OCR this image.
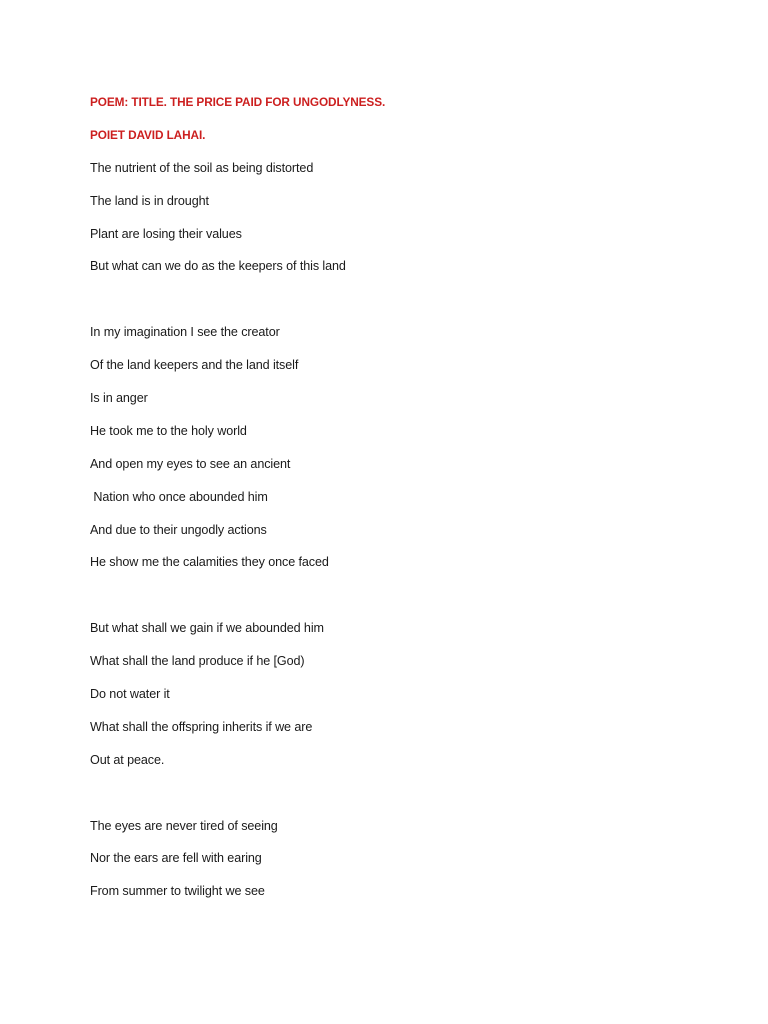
POEM: TITLE. THE PRICE PAID FOR UNGODLYNESS.
POIET DAVID LAHAI.
The nutrient of the soil as being distorted
The land is in drought
Plant are losing their values
But what can we do as the keepers of this land
In my imagination I see the creator
Of the land keepers and the land itself
Is in anger
He took me to the holy world
And open my eyes to see an ancient
Nation who once abounded him
And due to their ungodly actions
He show me the calamities they once faced
But what shall we gain if we abounded him
What shall the land produce if he [God)
Do not water it
What shall the offspring inherits if we are
Out at peace.
The eyes are never tired of seeing
Nor the ears are fell with earing
From summer to twilight we see
